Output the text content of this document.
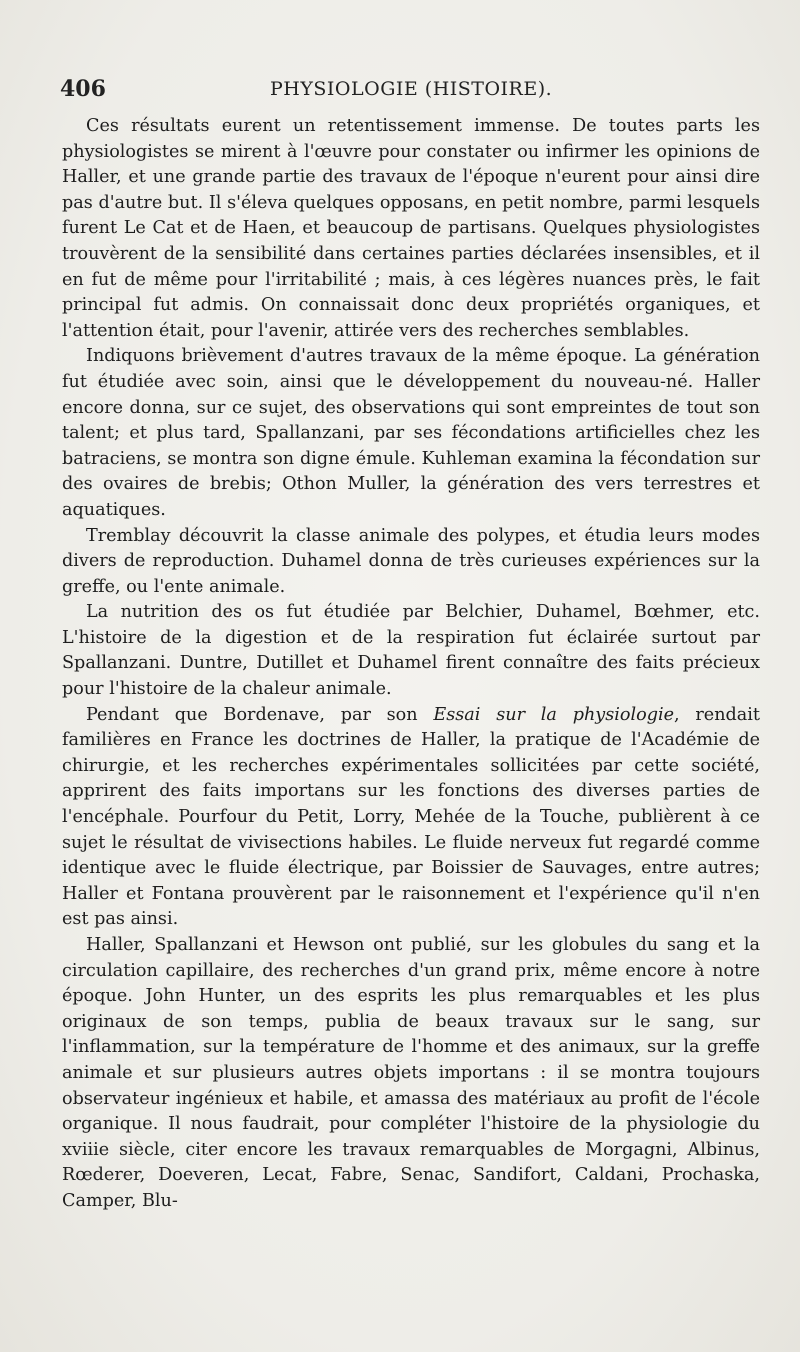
406	PHYSIOLOGIE (HISTOIRE).

Ces résultats eurent un retentissement immense. De toutes parts les physiologistes se mirent à l'œuvre pour constater ou infirmer les opinions de Haller, et une grande partie des travaux de l'époque n'eurent pour ainsi dire pas d'autre but. Il s'éleva quelques opposans, en petit nombre, parmi lesquels furent Le Cat et de Haen, et beaucoup de partisans. Quelques physiologistes trouvèrent de la sensibilité dans certaines parties déclarées insensibles, et il en fut de même pour l'irritabilité ; mais, à ces légères nuances près, le fait principal fut admis. On connaissait donc deux propriétés organiques, et l'attention était, pour l'avenir, attirée vers des recherches semblables.

Indiquons brièvement d'autres travaux de la même époque. La génération fut étudiée avec soin, ainsi que le développement du nouveau-né. Haller encore donna, sur ce sujet, des observations qui sont empreintes de tout son talent; et plus tard, Spallanzani, par ses fécondations artificielles chez les batraciens, se montra son digne émule. Kuhleman examina la fécondation sur des ovaires de brebis; Othon Muller, la génération des vers terrestres et aquatiques.

Tremblay découvrit la classe animale des polypes, et étudia leurs modes divers de reproduction. Duhamel donna de très curieuses expériences sur la greffe, ou l'ente animale.

La nutrition des os fut étudiée par Belchier, Duhamel, Bœhmer, etc. L'histoire de la digestion et de la respiration fut éclairée surtout par Spallanzani. Duntre, Dutillet et Duhamel firent connaître des faits précieux pour l'histoire de la chaleur animale.

Pendant que Bordenave, par son Essai sur la physiologie, rendait familières en France les doctrines de Haller, la pratique de l'Académie de chirurgie, et les recherches expérimentales sollicitées par cette société, apprirent des faits importans sur les fonctions des diverses parties de l'encéphale. Pourfour du Petit, Lorry, Mehée de la Touche, publièrent à ce sujet le résultat de vivisections habiles. Le fluide nerveux fut regardé comme identique avec le fluide électrique, par Boissier de Sauvages, entre autres; Haller et Fontana prouvèrent par le raisonnement et l'expérience qu'il n'en est pas ainsi.

Haller, Spallanzani et Hewson ont publié, sur les globules du sang et la circulation capillaire, des recherches d'un grand prix, même encore à notre époque. John Hunter, un des esprits les plus remarquables et les plus originaux de son temps, publia de beaux travaux sur le sang, sur l'inflammation, sur la température de l'homme et des animaux, sur la greffe animale et sur plusieurs autres objets importans : il se montra toujours observateur ingénieux et habile, et amassa des matériaux au profit de l'école organique. Il nous faudrait, pour compléter l'histoire de la physiologie du xviiie siècle, citer encore les travaux remarquables de Morgagni, Albinus, Rœderer, Doeveren, Lecat, Fabre, Senac, Sandifort, Caldani, Prochaska, Camper, Blu-
